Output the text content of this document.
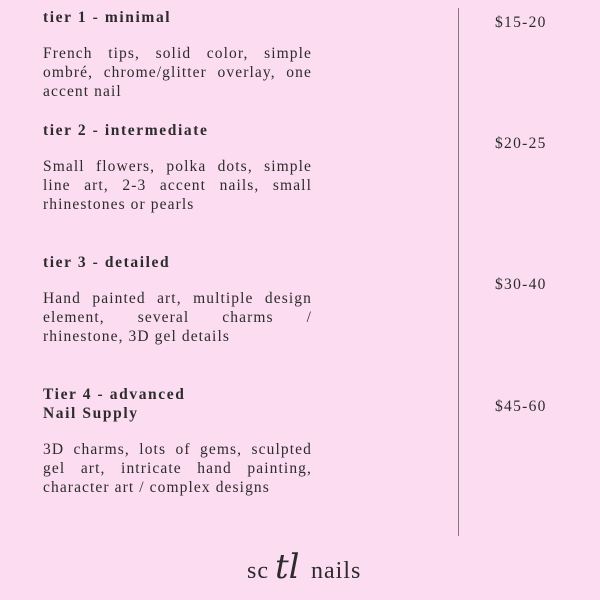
tier 1 - minimal

French tips, solid color, simple ombré, chrome/glitter overlay, one accent nail

tier 2 - intermediate

Small flowers, polka dots, simple line art, 2-3 accent nails, small rhinestones or pearls

tier 3 - detailed

Hand painted art, multiple design element, several charms / rhinestone, 3D gel details

Tier 4 - advanced
Nail Supply

3D charms, lots of gems, sculpted gel art, intricate hand painting, character art / complex designs

$15-20
$20-25
$30-40
$45-60
sc tl nails
